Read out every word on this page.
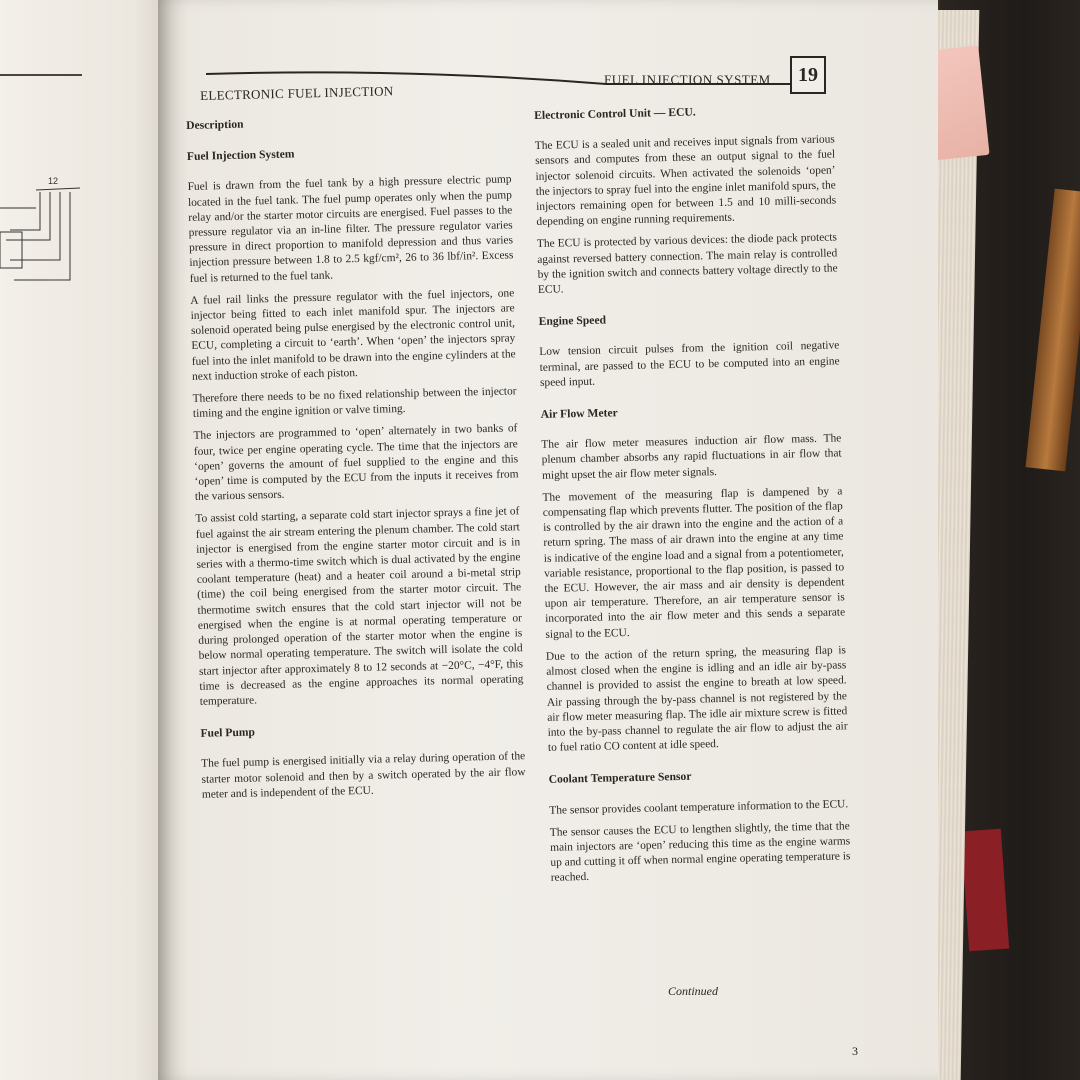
12
ELECTRONIC FUEL INJECTION
FUEL INJECTION SYSTEM	19
Description
Fuel Injection System

Fuel is drawn from the fuel tank by a high pressure electric pump located in the fuel tank. The fuel pump operates only when the pump relay and/or the starter motor circuits are energised. Fuel passes to the pressure regulator via an in-line filter. The pressure regulator varies pressure in direct proportion to manifold depression and thus varies injection pressure between 1.8 to 2.5 kgf/cm², 26 to 36 lbf/in². Excess fuel is returned to the fuel tank.

A fuel rail links the pressure regulator with the fuel injectors, one injector being fitted to each inlet manifold spur. The injectors are solenoid operated being pulse energised by the electronic control unit, ECU, completing a circuit to ‘earth’. When ‘open’ the injectors spray fuel into the inlet manifold to be drawn into the engine cylinders at the next induction stroke of each piston.

Therefore there needs to be no fixed relationship between the injector timing and the engine ignition or valve timing.

The injectors are programmed to ‘open’ alternately in two banks of four, twice per engine operating cycle. The time that the injectors are ‘open’ governs the amount of fuel supplied to the engine and this ‘open’ time is computed by the ECU from the inputs it receives from the various sensors.

To assist cold starting, a separate cold start injector sprays a fine jet of fuel against the air stream entering the plenum chamber. The cold start injector is energised from the engine starter motor circuit and is in series with a thermo-time switch which is dual activated by the engine coolant temperature (heat) and a heater coil around a bi-metal strip (time) the coil being energised from the starter motor circuit. The thermotime switch ensures that the cold start injector will not be energised when the engine is at normal operating temperature or during prolonged operation of the starter motor when the engine is below normal operating temperature. The switch will isolate the cold start injector after approximately 8 to 12 seconds at −20°C, −4°F, this time is decreased as the engine approaches its normal operating temperature.

Fuel Pump

The fuel pump is energised initially via a relay during operation of the starter motor solenoid and then by a switch operated by the air flow meter and is independent of the ECU.

Electronic Control Unit — ECU.

The ECU is a sealed unit and receives input signals from various sensors and computes from these an output signal to the fuel injector solenoid circuits. When activated the solenoids ‘open’ the injectors to spray fuel into the engine inlet manifold spurs, the injectors remaining open for between 1.5 and 10 milli-seconds depending on engine running requirements.

The ECU is protected by various devices: the diode pack protects against reversed battery connection. The main relay is controlled by the ignition switch and connects battery voltage directly to the ECU.

Engine Speed

Low tension circuit pulses from the ignition coil negative terminal, are passed to the ECU to be computed into an engine speed input.

Air Flow Meter

The air flow meter measures induction air flow mass. The plenum chamber absorbs any rapid fluctuations in air flow that might upset the air flow meter signals.

The movement of the measuring flap is dampened by a compensating flap which prevents flutter. The position of the flap is controlled by the air drawn into the engine and the action of a return spring. The mass of air drawn into the engine at any time is indicative of the engine load and a signal from a potentiometer, variable resistance, proportional to the flap position, is passed to the ECU. However, the air mass and air density is dependent upon air temperature. Therefore, an air temperature sensor is incorporated into the air flow meter and this sends a separate signal to the ECU.

Due to the action of the return spring, the measuring flap is almost closed when the engine is idling and an idle air by-pass channel is provided to assist the engine to breath at low speed. Air passing through the by-pass channel is not registered by the air flow meter measuring flap. The idle air mixture screw is fitted into the by-pass channel to regulate the air flow to adjust the air to fuel ratio CO content at idle speed.

Coolant Temperature Sensor

The sensor provides coolant temperature information to the ECU.

The sensor causes the ECU to lengthen slightly, the time that the main injectors are ‘open’ reducing this time as the engine warms up and cutting it off when normal engine operating temperature is reached.

Continued
3
